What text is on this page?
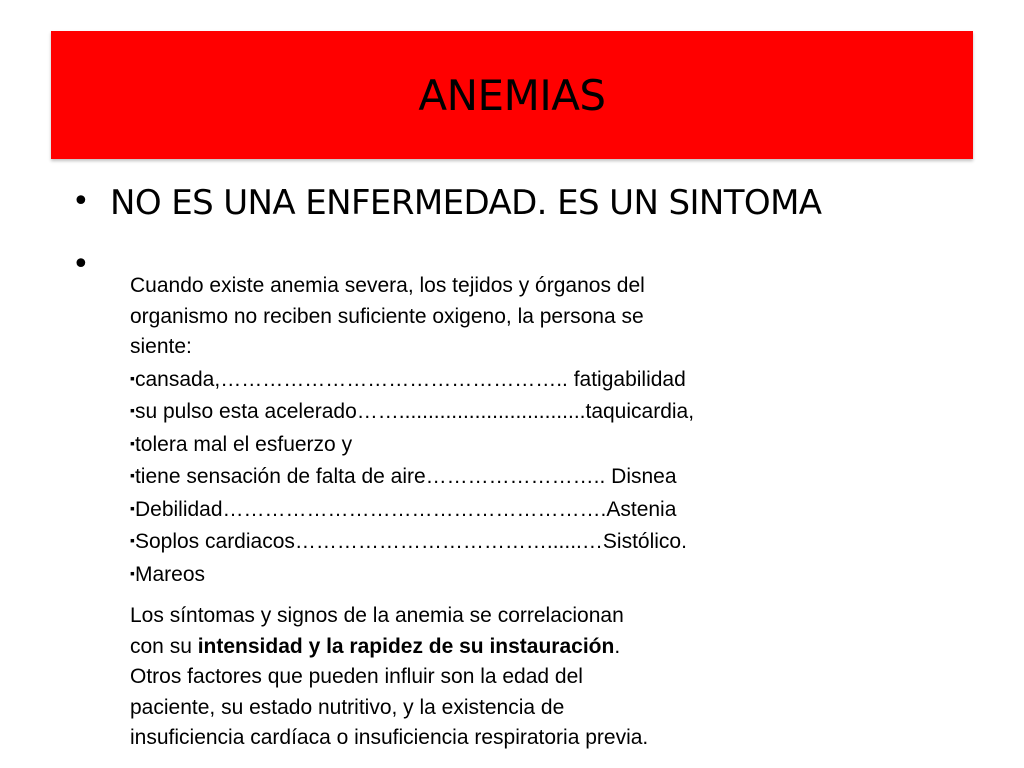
ANEMIAS
• NO ES UNA ENFERMEDAD. ES UN SINTOMA
•
Cuando existe anemia severa, los tejidos y órganos del
organismo no reciben suficiente oxigeno, la persona se
siente:
▪cansada,………………………………………….. fatigabilidad
▪su pulso esta acelerado……................................taquicardia,
▪tolera mal el esfuerzo y
▪tiene sensación de falta de aire…………………….. Disnea
▪Debilidad……………………………………………….Astenia
▪Soplos cardiacos………………………………......…Sistólico.
▪Mareos
Los síntomas y signos de la anemia se correlacionan
con su intensidad y la rapidez de su instauración.
Otros factores que pueden influir son la edad del
paciente, su estado nutritivo, y la existencia de
insuficiencia cardíaca o insuficiencia respiratoria previa.
